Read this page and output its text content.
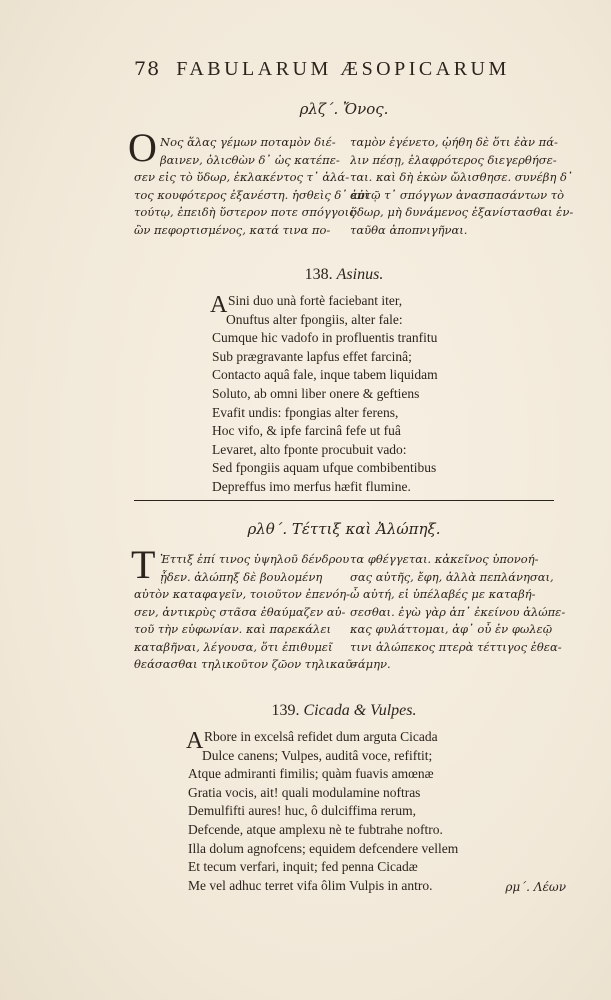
78 FABULARUM ÆSOPICARUM
ρλζ΄. Ὄνος.
Ο Νος ἅλας γέμων ποταμὸν διέ-
βαινεν, ὀλιϲθὼν δ᾽ ὡς κατέπε-
σεν εἰς τὸ ὕδωρ, ἐκλακέντος τ᾽ ἀλά-
τος κουφότερος ἐξανέστη. ἡσθεὶς δ᾽ ἐπὶ
τούτῳ, ἐπειδὴ ὕστερον ποτε σπόγγοις
ὢν πεφορτισμένος, κατά τινα πο-
ταμὸν ἐγένετο, ᾠήθη δὲ ὅτι ἐὰν πά-
λιν πέσῃ, ἐλαφρότερος διεγερθήσε-
ται. καὶ δὴ ἑκὼν ὤλισθησε. συνέβη δ᾽
αὐτῷ τ᾽ σπόγγων ἀνασπασάντων τὸ
ὕδωρ, μὴ δυνάμενος ἐξανίστασθαι ἐν-
ταῦθα ἀποπνιγῆναι.
138. Asinus.
A Sini duo unà fortè faciebant iter,
Onuftus alter fpongiis, alter fale:
Cumque hic vadofo in profluentis tranfitu
Sub prægravante lapfus effet farcinâ;
Contacto aquâ fale, inque tabem liquidam
Soluto, ab omni liber onere & geftiens
Evafit undis: fpongias alter ferens,
Hoc vifo, & ipfe farcinâ fefe ut fuâ
Levaret, alto fponte procubuit vado:
Sed fpongiis aquam ufque combibentibus
Depreffus imo merfus hæfit flumine.
ρλθ΄. Τέττιξ καὶ Ἀλώπηξ.
Τ Ἐττιξ ἐπί τινος ὑψηλοῦ δένδρου
ᾖδεν. ἀλώπηξ δὲ βουλομένη
αὐτὸν καταφαγεῖν, τοιοῦτον ἐπενόη-
σεν, ἀντικρὺς στᾶσα ἐθαύμαζεν αὐ-
τοῦ τὴν εὐφωνίαν. καὶ παρεκάλει
καταβῆναι, λέγουσα, ὅτι ἐπιθυμεῖ
θεάσασθαι τηλικοῦτον ζῶον τηλικαῦ-
τα φθέγγεται. κἀκεῖνος ὑπονοή-
σας αὐτῆς, ἔφη, ἀλλὰ πεπλάνησαι,
ὦ αὐτή, εἰ ὑπέλαβές με καταβή-
σεσθαι. ἐγὼ γὰρ ἀπ᾽ ἐκείνου ἀλώπε-
κας φυλάττομαι, ἀφ᾽ οὗ ἐν φωλεῷ
τινι ἀλώπεκος πτερὰ τέττιγος ἐθεα-
σάμην.
139. Cicada & Vulpes.
A Rbore in excelsâ refidet dum arguta Cicada
Dulce canens; Vulpes, auditâ voce, refiftit;
Atque admiranti fimilis; quàm fuavis amœnæ
Gratia vocis, ait! quali modulamine noftras
Demulfifti aures! huc, ô dulciffima rerum,
Defcende, atque amplexu nè te fubtrahe noftro.
Illa dolum agnofcens; equidem defcendere vellem
Et tecum verfari, inquit; fed penna Cicadæ
Me vel adhuc terret vifa ôlim Vulpis in antro.	ρμ΄. Λέων
